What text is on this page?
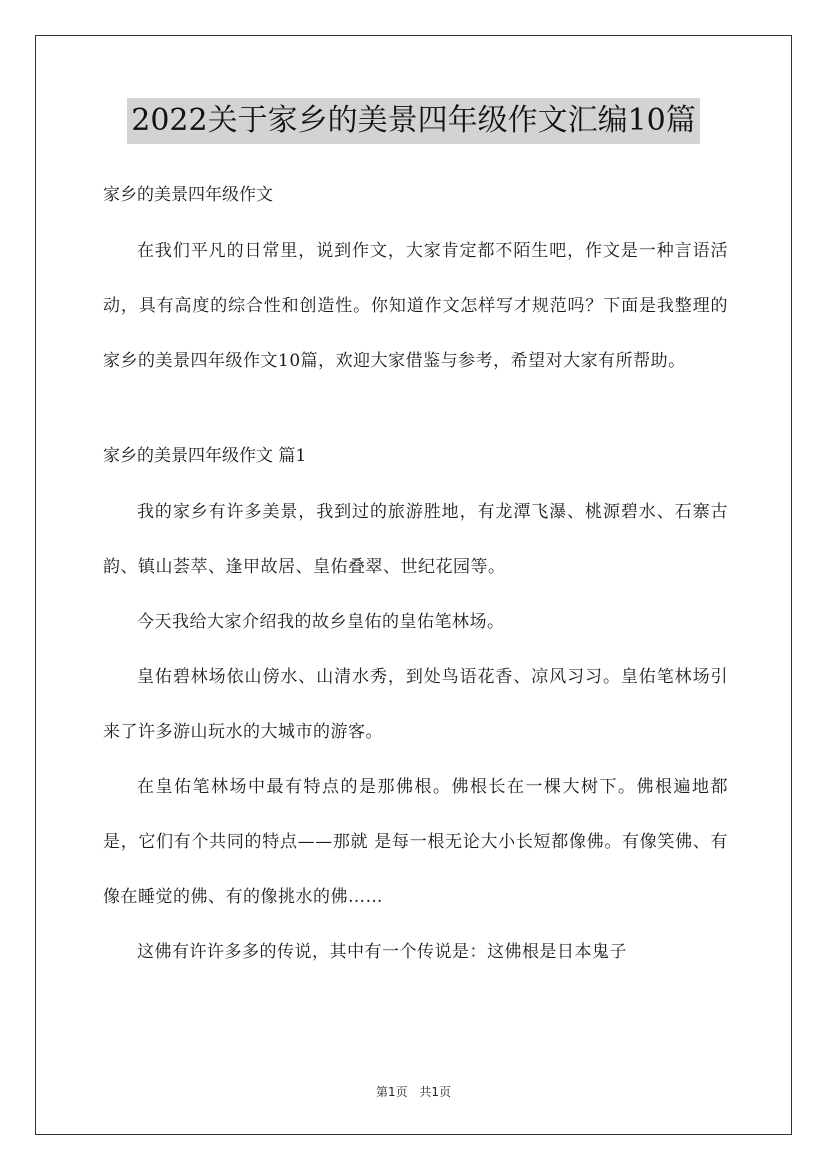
2022关于家乡的美景四年级作文汇编10篇

家乡的美景四年级作文

在我们平凡的日常里，说到作文，大家肯定都不陌生吧，作文是一种言语活动，具有高度的综合性和创造性。你知道作文怎样写才规范吗？下面是我整理的家乡的美景四年级作文10篇，欢迎大家借鉴与参考，希望对大家有所帮助。

家乡的美景四年级作文 篇1

我的家乡有许多美景，我到过的旅游胜地，有龙潭飞瀑、桃源碧水、石寨古韵、镇山荟萃、逢甲故居、皇佑叠翠、世纪花园等。

今天我给大家介绍我的故乡皇佑的皇佑笔林场。

皇佑碧林场依山傍水、山清水秀，到处鸟语花香、凉风习习。皇佑笔林场引来了许多游山玩水的大城市的游客。

在皇佑笔林场中最有特点的是那佛根。佛根长在一棵大树下。佛根遍地都是，它们有个共同的特点——那就 是每一根无论大小长短都像佛。有像笑佛、有像在睡觉的佛、有的像挑水的佛……

这佛有许许多多的传说，其中有一个传说是：这佛根是日本鬼子

第1页 共1页
